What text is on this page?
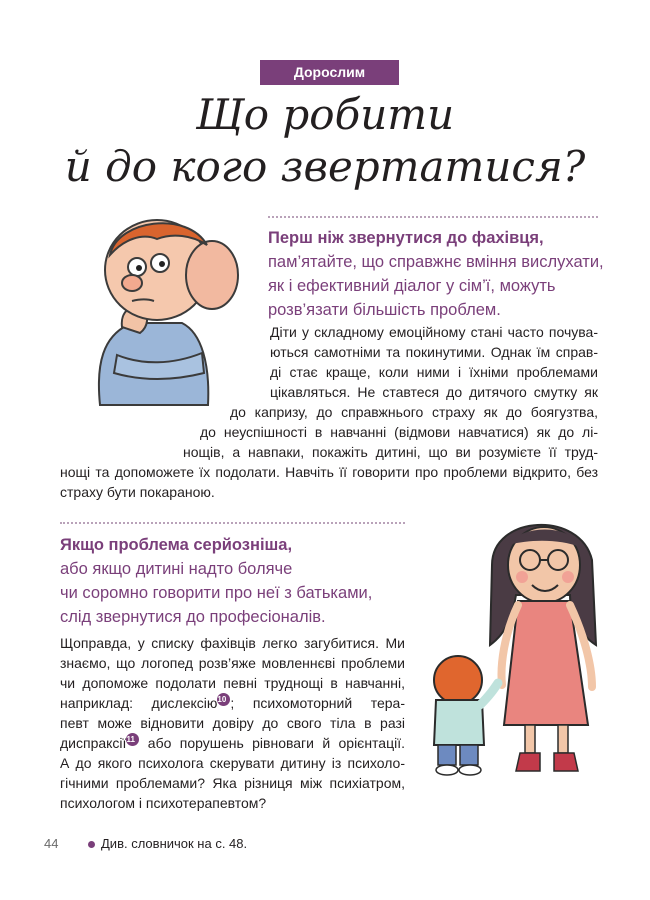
Дорослим
Що робити
й до кого звертатися?
Перш ніж звернутися до фахівця,
пам’ятайте, що справжнє вміння вислухати,
як і ефективний діалог у сім’ї, можуть
розв’язати більшість проблем.
Діти у складному емоційному стані часто почува-
ються самотніми та покинутими. Однак їм справ-
ді стає краще, коли ними і їхніми проблемами
цікавляться. Не ставтеся до дитячого смутку як
до капризу, до справжнього страху як до боягузтва,
до неуспішності в навчанні (відмови навчатися) як до лі-
нощів, а навпаки, покажіть дитині, що ви розумієте її труд-
нощі та допоможете їх подолати. Навчіть її говорити про проблеми відкрито, без
страху бути покараною.
Якщо проблема серйозніша,
або якщо дитині надто боляче
чи соромно говорити про неї з батьками,
слід звернутися до професіоналів.
Щоправда, у списку фахівців легко загубитися. Ми
знаємо, що логопед розв’яже мовленнєві проблеми
чи допоможе подолати певні труднощі в навчанні,
наприклад: дислексію10 ; психомоторний тера-
певт може відновити довіру до свого тіла в разі
диспраксії11 або порушень рівноваги й орієнтації.
А до якого психолога скерувати дитину із психоло-
гічними проблемами? Яка різниця між психіатром,
психологом і психотерапевтом?
44	Див. словничок на с. 48.
